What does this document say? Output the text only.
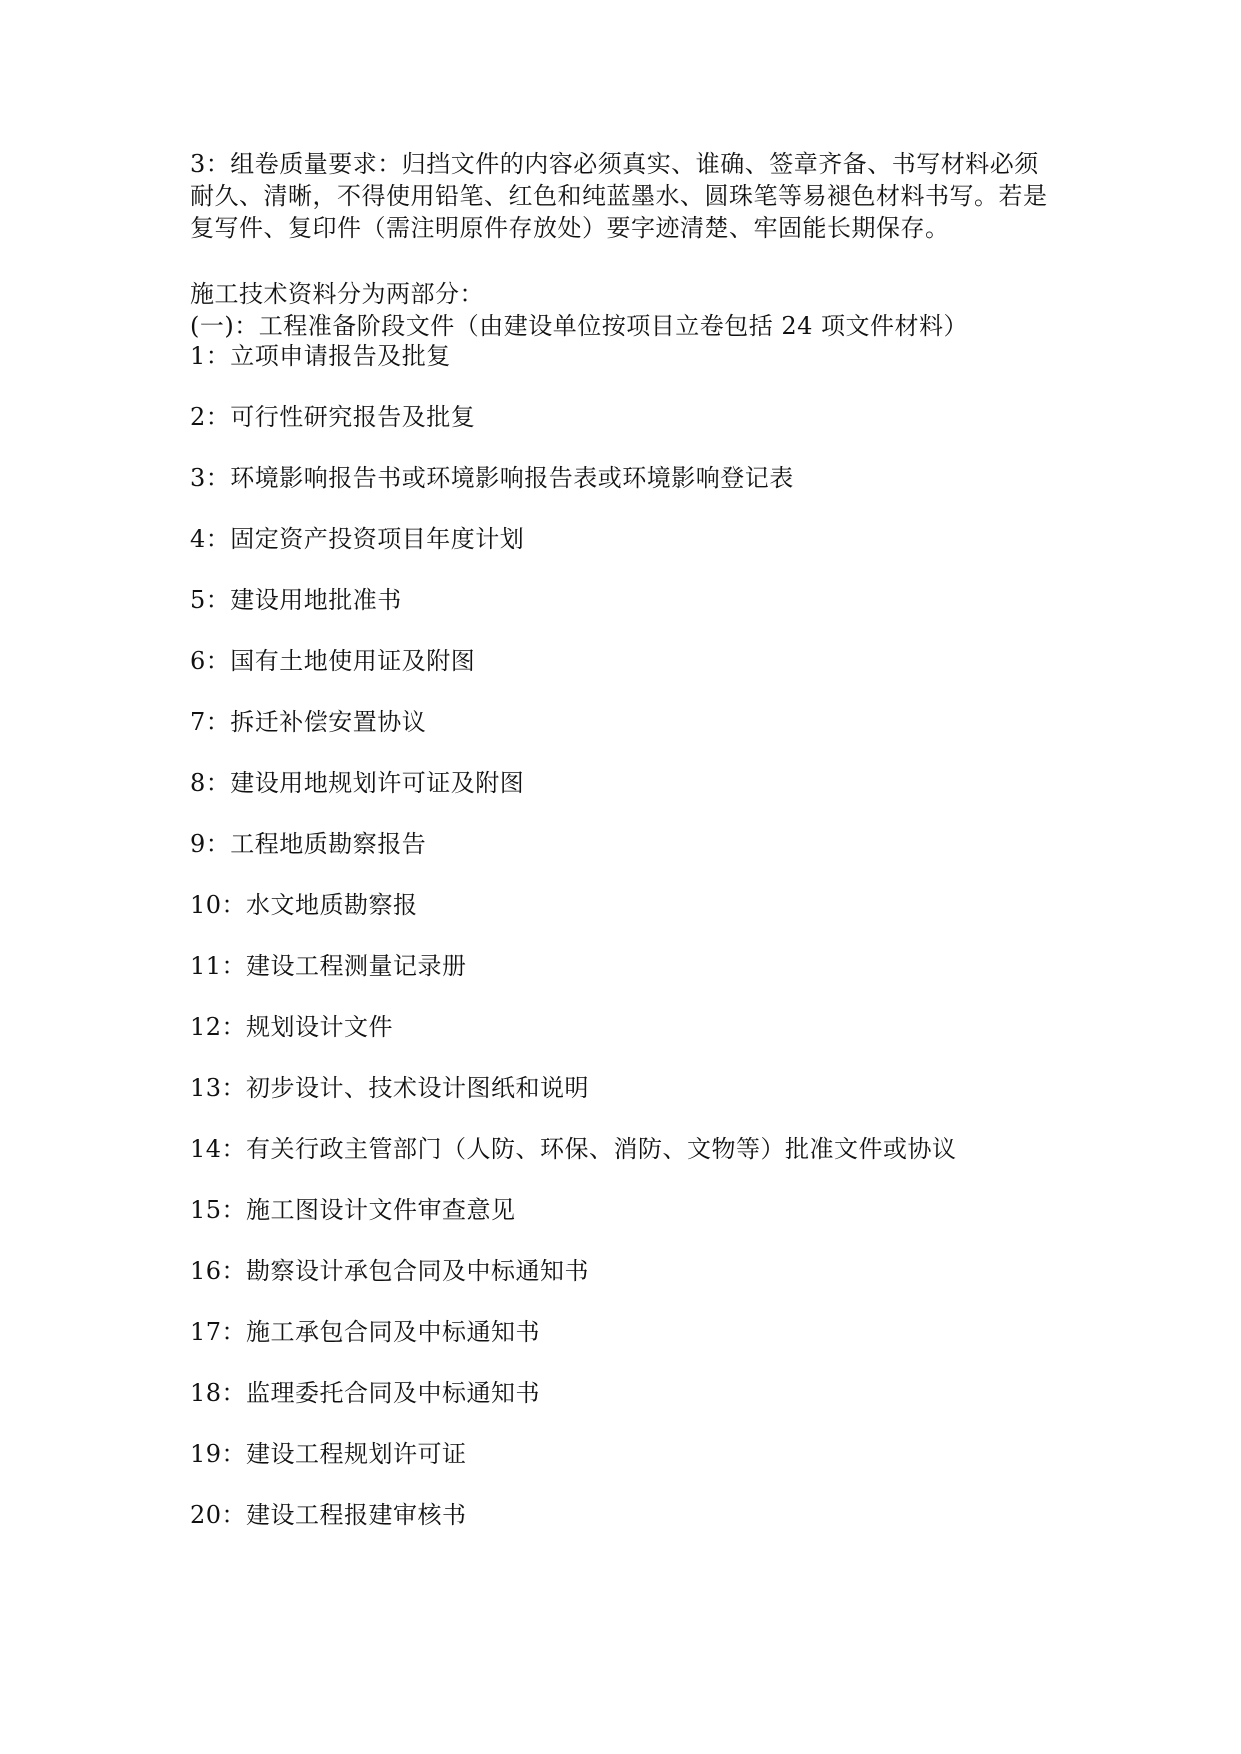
3：组卷质量要求：归挡文件的内容必须真实、谁确、签章齐备、书写材料必须
耐久、清晰，不得使用铅笔、红色和纯蓝墨水、圆珠笔等易褪色材料书写。若是
复写件、复印件（需注明原件存放处）要字迹清楚、牢固能长期保存。
施工技术资料分为两部分：
(一)：工程准备阶段文件（由建设单位按项目立卷包括 24 项文件材料）
1：立项申请报告及批复
2：可行性研究报告及批复
3：环境影响报告书或环境影响报告表或环境影响登记表
4：固定资产投资项目年度计划
5：建设用地批准书
6：国有土地使用证及附图
7：拆迁补偿安置协议
8：建设用地规划许可证及附图
9：工程地质勘察报告
10：水文地质勘察报
11：建设工程测量记录册
12：规划设计文件
13：初步设计、技术设计图纸和说明
14：有关行政主管部门（人防、环保、消防、文物等）批准文件或协议
15：施工图设计文件审查意见
16：勘察设计承包合同及中标通知书
17：施工承包合同及中标通知书
18：监理委托合同及中标通知书
19：建设工程规划许可证
20：建设工程报建审核书
